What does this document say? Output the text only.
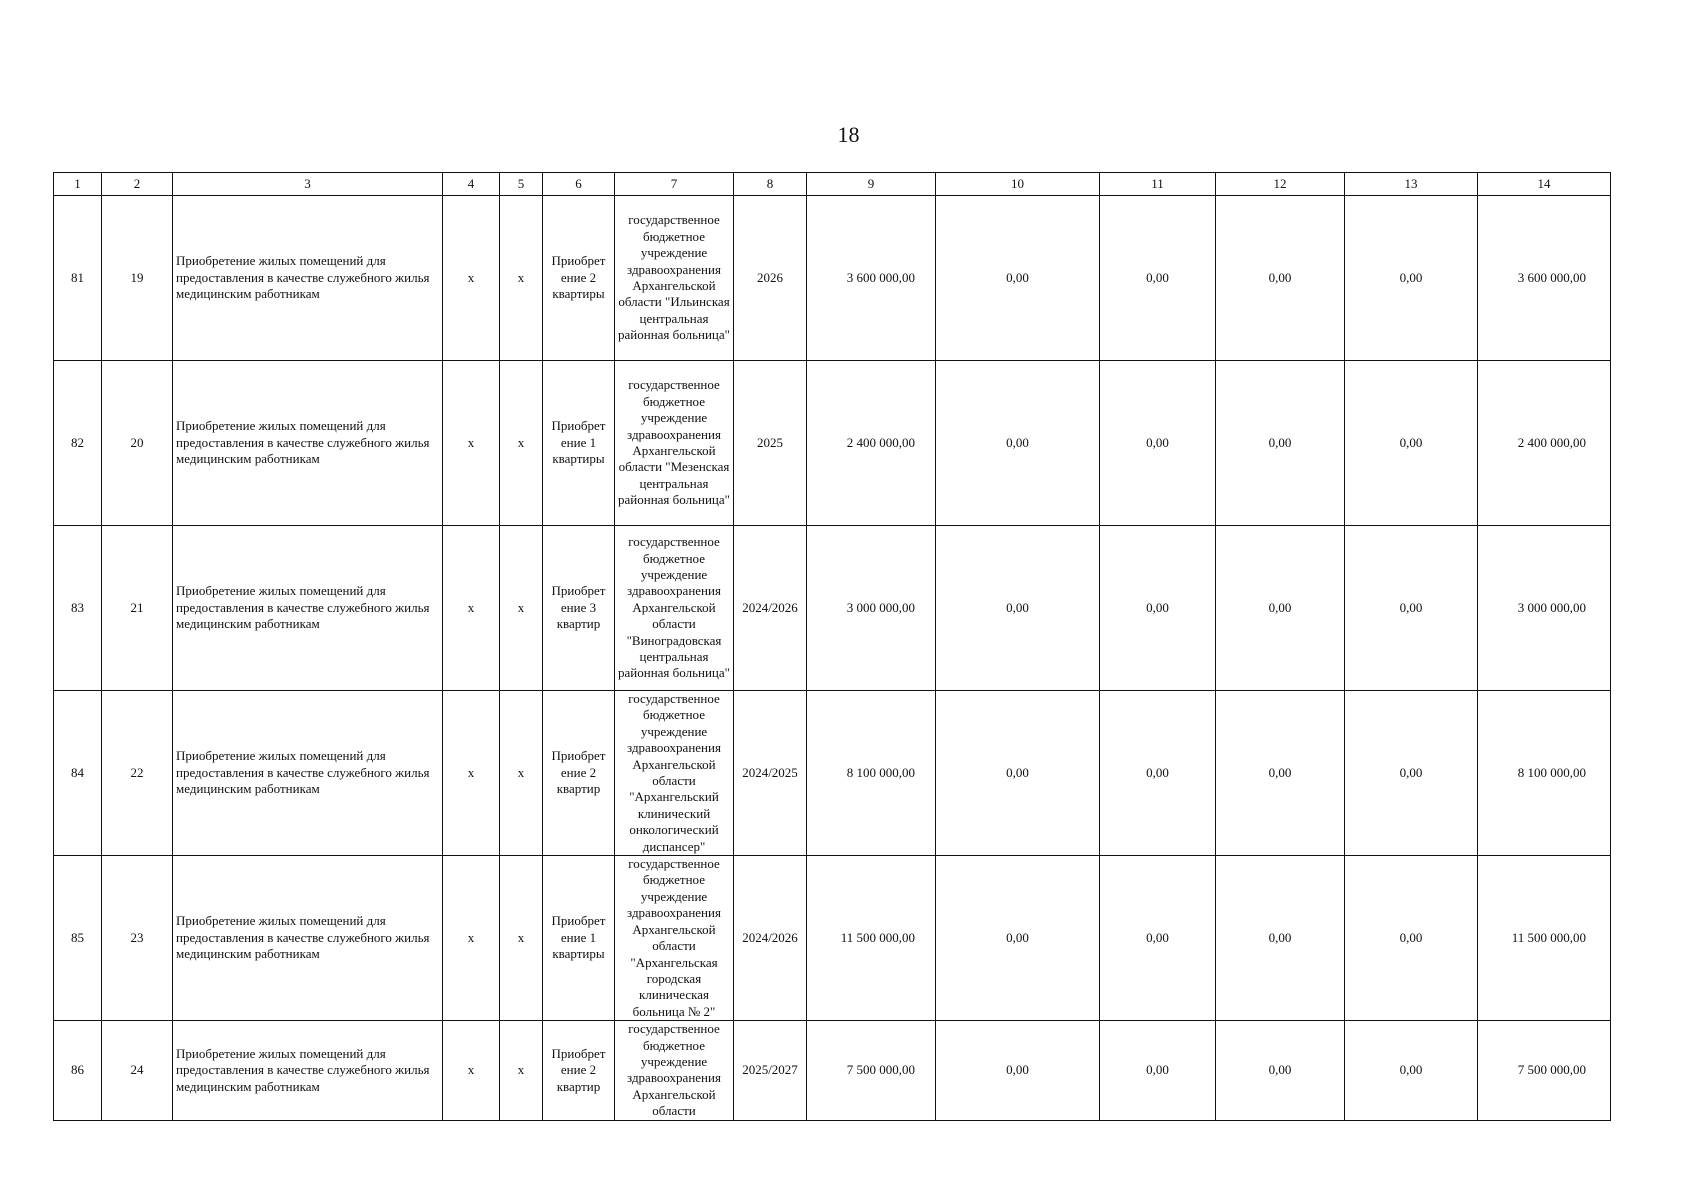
18
1	2	3	4	5	6	7	8	9	10	11	12	13	14
81	19	Приобретение жилых помещений для предоставления в качестве служебного жилья медицинским работникам	х	х	Приобрет ение 2 квартиры	государственное бюджетное учреждение здравоохранения Архангельской области "Ильинская центральная районная больница"	2026	3 600 000,00	0,00	0,00	0,00	0,00	3 600 000,00
82	20	Приобретение жилых помещений для предоставления в качестве служебного жилья медицинским работникам	х	х	Приобрет ение 1 квартиры	государственное бюджетное учреждение здравоохранения Архангельской области "Мезенская центральная районная больница"	2025	2 400 000,00	0,00	0,00	0,00	0,00	2 400 000,00
83	21	Приобретение жилых помещений для предоставления в качестве служебного жилья медицинским работникам	х	х	Приобрет ение 3 квартир	государственное бюджетное учреждение здравоохранения Архангельской области "Виноградовская центральная районная больница"	2024/2026	3 000 000,00	0,00	0,00	0,00	0,00	3 000 000,00
84	22	Приобретение жилых помещений для предоставления в качестве служебного жилья медицинским работникам	х	х	Приобрет ение 2 квартир	государственное бюджетное учреждение здравоохранения Архангельской области "Архангельский клинический онкологический диспансер"	2024/2025	8 100 000,00	0,00	0,00	0,00	0,00	8 100 000,00
85	23	Приобретение жилых помещений для предоставления в качестве служебного жилья медицинским работникам	х	х	Приобрет ение 1 квартиры	государственное бюджетное учреждение здравоохранения Архангельской области "Архангельская городская клиническая больница № 2"	2024/2026	11 500 000,00	0,00	0,00	0,00	0,00	11 500 000,00
86	24	Приобретение жилых помещений для предоставления в качестве служебного жилья медицинским работникам	х	х	Приобрет ение 2 квартир	государственное бюджетное учреждение здравоохранения Архангельской области	2025/2027	7 500 000,00	0,00	0,00	0,00	0,00	7 500 000,00
